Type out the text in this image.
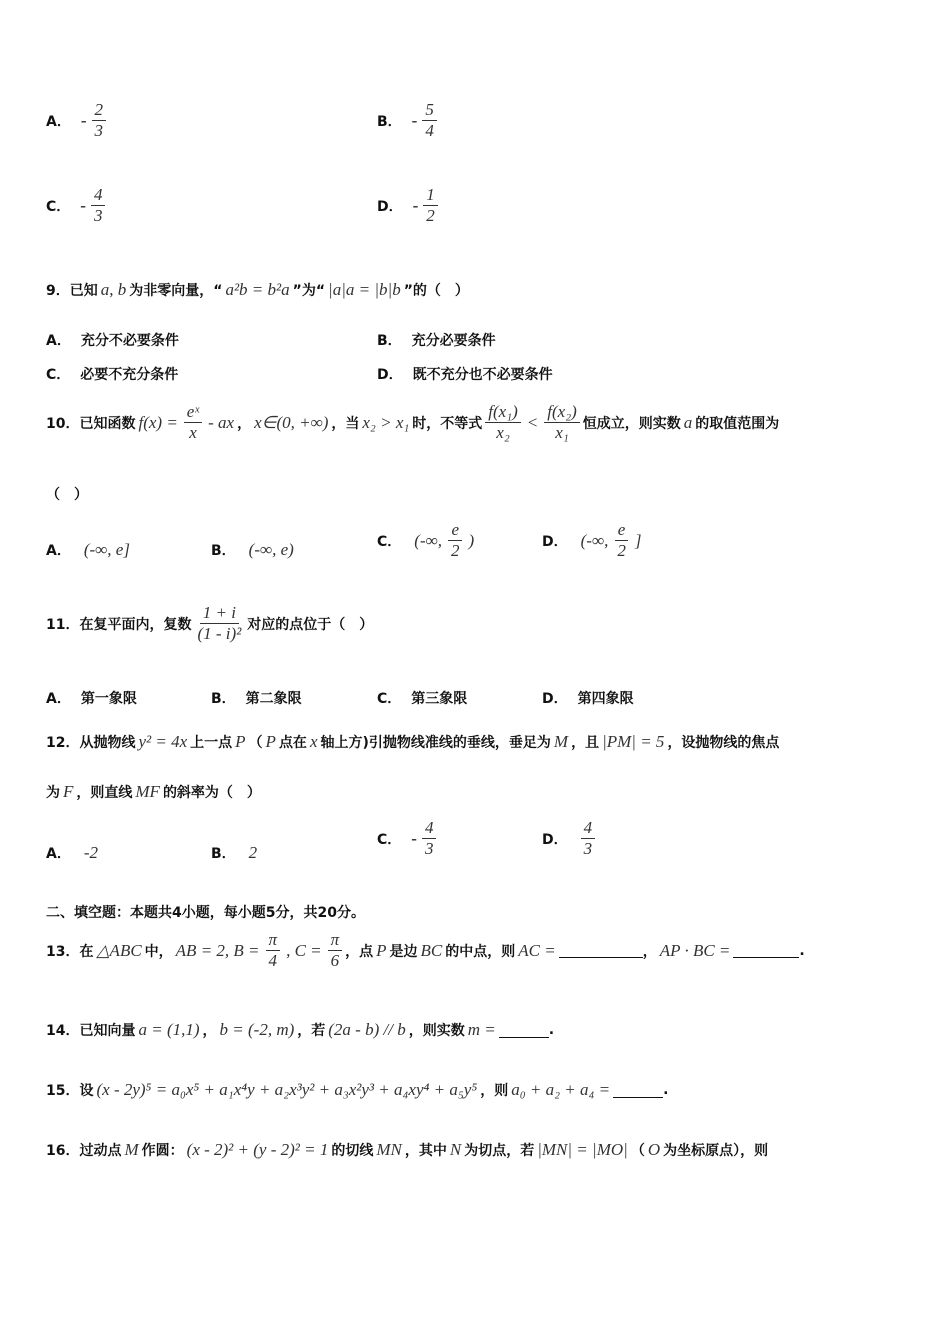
A． - $\frac{2}{3}$	B． - $\frac{5}{4}$
C． - $\frac{4}{3}$	D． - $\frac{1}{2}$
9． 已知 a, b 为非零向量，“ a²b = b²a ”为“ |a|a = |b|b ”的（　）
A． 充分不必要条件	B． 充分必要条件
C． 必要不充分条件	D． 既不充分也不必要条件
10． 已知函数 $f(x) = \frac{\text{eˣ}}{x}$ - ax ， x∈(0, +∞) ，当 x₂ > x₁ 时，不等式 $\frac{\text{f(x₁)}}{\text{x₂}} < \frac{\text{f(x₂)}}{\text{x₁}}$ 恒成立，则实数 a 的取值范围为
（　）
A． (-∞, e]	B． (-∞, e)	C． (-∞, $\frac{e}{2}$ )	D． (-∞, $\frac{e}{2}$ ]
11． 在复平面内，复数 $\frac{1 + i}{\text{(1 - i)²}}$ 对应的点位于（　）
A． 第一象限	B． 第二象限	C． 第三象限	D． 第四象限
12． 从抛物线 y² = 4x 上一点 P （ P 点在 x 轴上方)引抛物线准线的垂线，垂足为 M ，且 |PM| = 5 ，设抛物线的焦点
为 F ，则直线 MF 的斜率为（　）
A． -2	B． 2
C． - $\frac{4}{3}$	D． $\frac{4}{3}$
二、填空题：本题共4小题，每小题5分，共20分。
13． 在 △ABC 中， AB = 2, $B = \frac{\pi}{4}$ , $C = \frac{\pi}{6}$ ，点 P 是边 BC 的中点，则 AC =	， AP · BC =	.
14． 已知向量 a = (1,1) ， b = (-2, m) ，若 (2a - b) // b ，则实数 m =	.
15． 设 (x - 2y)⁵ = a₀x⁵ + a₁x⁴y + a₂x³y² + a₃x²y³ + a₄xy⁴ + a₅y⁵ ，则 a₀ + a₂ + a₄ =	.
16． 过动点 M 作圆： (x - 2)² + (y - 2)² = 1 的切线 MN ，其中 N 为切点，若 |MN| = |MO| （ O 为坐标原点），则
